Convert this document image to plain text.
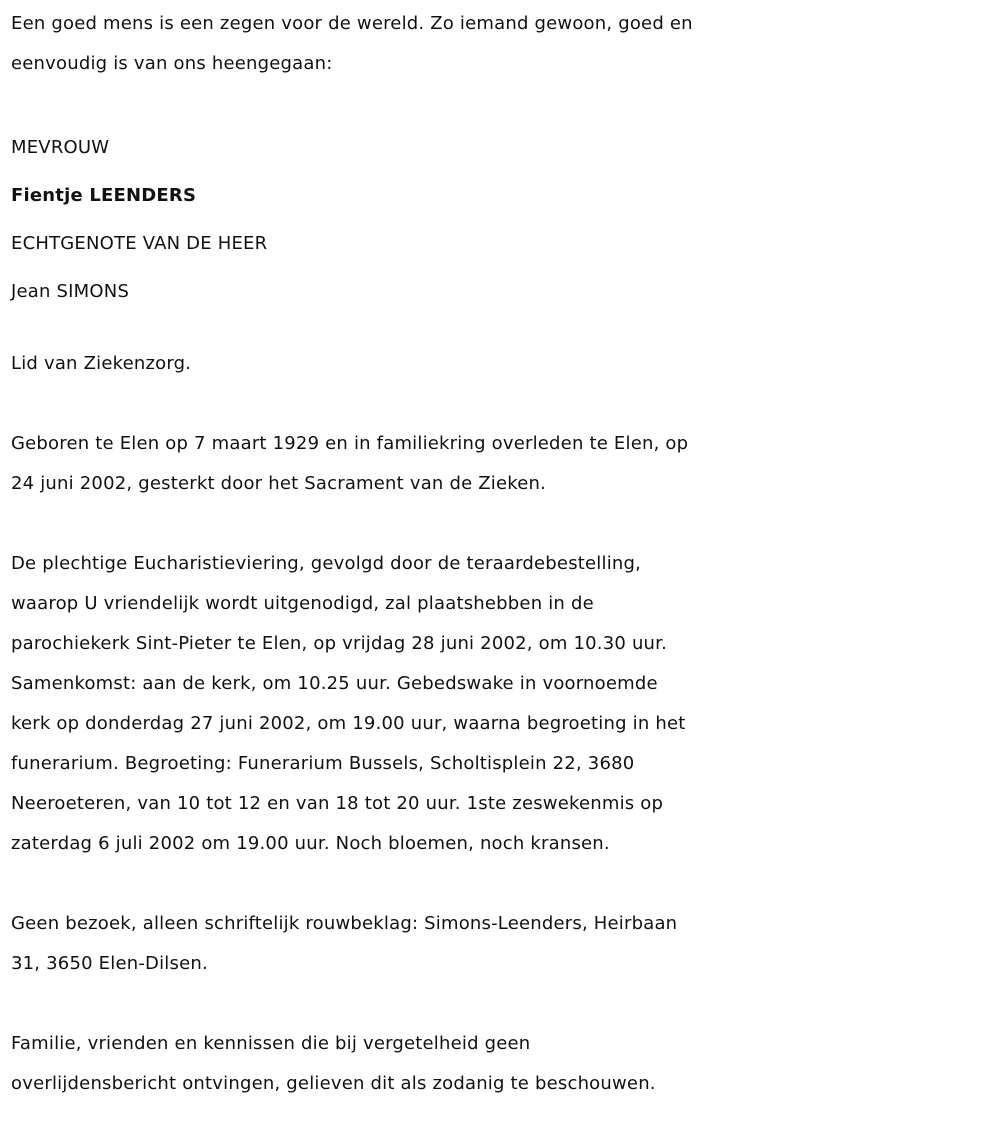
Een goed mens is een zegen voor de wereld. Zo iemand gewoon, goed en

eenvoudig is van ons heengegaan:

MEVROUW

Fientje LEENDERS

ECHTGENOTE VAN DE HEER

Jean SIMONS

Lid van Ziekenzorg.

Geboren te Elen op 7 maart 1929 en in familiekring overleden te Elen, op

24 juni 2002, gesterkt door het Sacrament van de Zieken.

De plechtige Eucharistieviering, gevolgd door de teraardebestelling,

waarop U vriendelijk wordt uitgenodigd, zal plaatshebben in de

parochiekerk Sint-Pieter te Elen, op vrijdag 28 juni 2002, om 10.30 uur.

Samenkomst: aan de kerk, om 10.25 uur. Gebedswake in voornoemde

kerk op donderdag 27 juni 2002, om 19.00 uur, waarna begroeting in het

funerarium. Begroeting: Funerarium Bussels, Scholtisplein 22, 3680

Neeroeteren, van 10 tot 12 en van 18 tot 20 uur. 1ste zeswekenmis op

zaterdag 6 juli 2002 om 19.00 uur. Noch bloemen, noch kransen.

Geen bezoek, alleen schriftelijk rouwbeklag: Simons-Leenders, Heirbaan

31, 3650 Elen-Dilsen.

Familie, vrienden en kennissen die bij vergetelheid geen

overlijdensbericht ontvingen, gelieven dit als zodanig te beschouwen.
